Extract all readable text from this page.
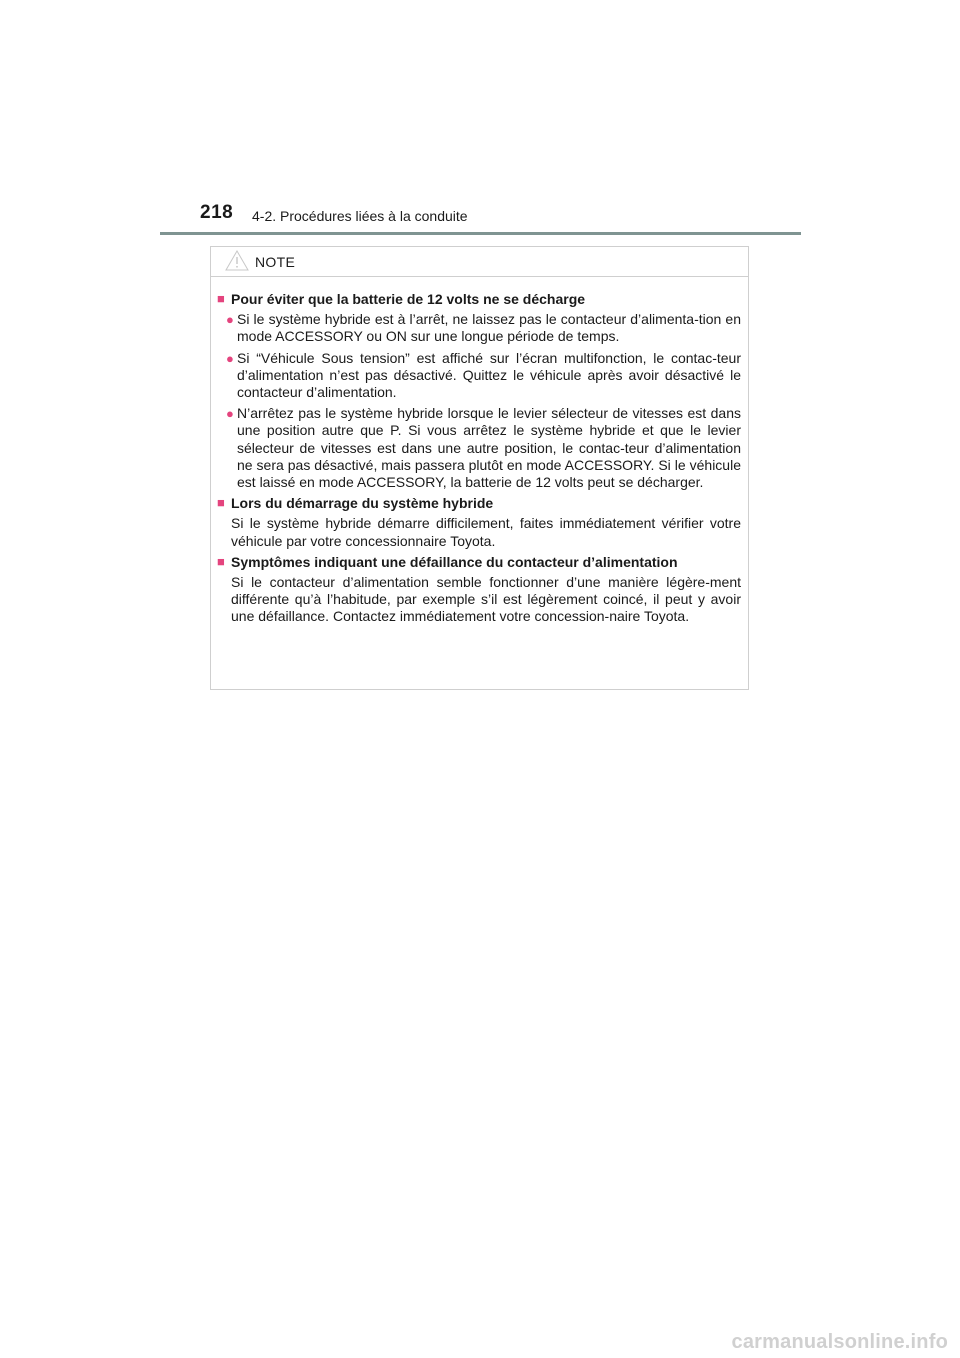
218 4-2. Procédures liées à la conduite
NOTE
■ Pour éviter que la batterie de 12 volts ne se décharge
● Si le système hybride est à l’arrêt, ne laissez pas le contacteur d’alimenta-tion en mode ACCESSORY ou ON sur une longue période de temps.
● Si “Véhicule Sous tension” est affiché sur l’écran multifonction, le contac-teur d’alimentation n’est pas désactivé. Quittez le véhicule après avoir désactivé le contacteur d’alimentation.
● N’arrêtez pas le système hybride lorsque le levier sélecteur de vitesses est dans une position autre que P. Si vous arrêtez le système hybride et que le levier sélecteur de vitesses est dans une autre position, le contac-teur d’alimentation ne sera pas désactivé, mais passera plutôt en mode ACCESSORY. Si le véhicule est laissé en mode ACCESSORY, la batterie de 12 volts peut se décharger.
■ Lors du démarrage du système hybride
Si le système hybride démarre difficilement, faites immédiatement vérifier votre véhicule par votre concessionnaire Toyota.
■ Symptômes indiquant une défaillance du contacteur d’alimentation
Si le contacteur d’alimentation semble fonctionner d’une manière légère-ment différente qu’à l’habitude, par exemple s’il est légèrement coincé, il peut y avoir une défaillance. Contactez immédiatement votre concession-naire Toyota.
carmanualsonline.info
